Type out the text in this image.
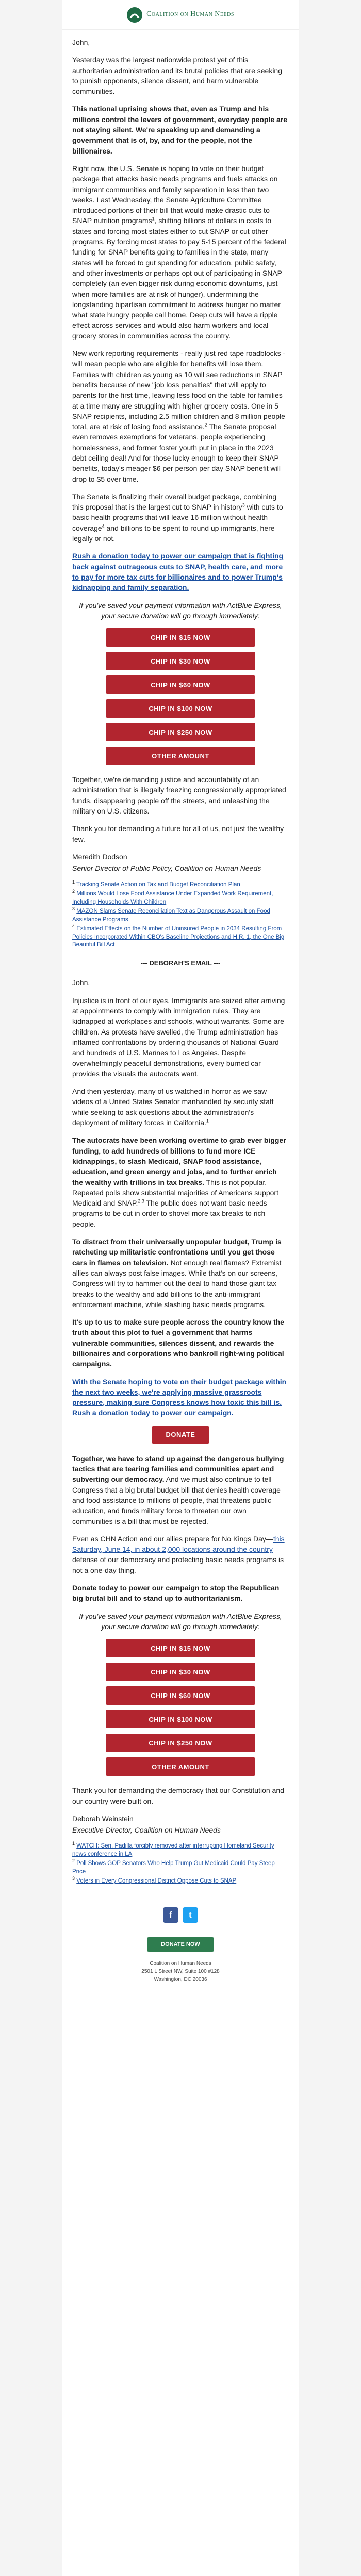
Coalition on Human Needs

John,

Yesterday was the largest nationwide protest yet of this authoritarian administration and its brutal policies that are seeking to punish opponents, silence dissent, and harm vulnerable communities.

This national uprising shows that, even as Trump and his millions control the levers of government, everyday people are not staying silent. We're speaking up and demanding a government that is of, by, and for the people, not the billionaires.

Right now, the U.S. Senate is hoping to vote on their budget package that attacks basic needs programs and fuels attacks on immigrant communities and family separation in less than two weeks. Last Wednesday, the Senate Agriculture Committee introduced portions of their bill that would make drastic cuts to SNAP nutrition programs$^1$, shifting billions of dollars in costs to states and forcing most states either to cut SNAP or cut other programs. By forcing most states to pay 5-15 percent of the federal funding for SNAP benefits going to families in the state, many states will be forced to gut spending for education, public safety, and other investments or perhaps opt out of participating in SNAP completely (an even bigger risk during economic downturns, just when more families are at risk of hunger), undermining the longstanding bipartisan commitment to address hunger no matter what state hungry people call home. Deep cuts will have a ripple effect across services and would also harm workers and local grocery stores in communities across the country.

New work reporting requirements - really just red tape roadblocks - will mean people who are eligible for benefits will lose them. Families with children as young as 10 will see reductions in SNAP benefits because of new "job loss penalties" that will apply to parents for the first time, leaving less food on the table for families at a time many are struggling with higher grocery costs. One in 5 SNAP recipients, including 2.5 million children and 8 million people total, are at risk of losing food assistance.$^2$ The Senate proposal even removes exemptions for veterans, people experiencing homelessness, and former foster youth put in place in the 2023 debt ceiling deal! And for those lucky enough to keep their SNAP benefits, today's meager $6 per person per day SNAP benefit will drop to $5 over time.

The Senate is finalizing their overall budget package, combining this proposal that is the largest cut to SNAP in history$^3$ with cuts to basic health programs that will leave 16 million without health coverage$^4$ and billions to be spent to round up immigrants, here legally or not.

Rush a donation today to power our campaign that is fighting back against outrageous cuts to SNAP, health care, and more to pay for more tax cuts for billionaires and to power Trump's kidnapping and family separation.

If you've saved your payment information with ActBlue Express, your secure donation will go through immediately:

CHIP IN $15 NOW
CHIP IN $30 NOW
CHIP IN $60 NOW
CHIP IN $100 NOW
CHIP IN $250 NOW
OTHER AMOUNT

Together, we're demanding justice and accountability of an administration that is illegally freezing congressionally appropriated funds, disappearing people off the streets, and unleashing the military on U.S. citizens.

Thank you for demanding a future for all of us, not just the wealthy few.

Meredith Dodson

Senior Director of Public Policy, Coalition on Human Needs

$^1$ Tracking Senate Action on Tax and Budget Reconciliation Plan
$^2$ Millions Would Lose Food Assistance Under Expanded Work Requirement, Including Households With Children
$^3$ MAZON Slams Senate Reconciliation Text as Dangerous Assault on Food Assistance Programs
$^4$ Estimated Effects on the Number of Uninsured People in 2034 Resulting From Policies Incorporated Within CBO's Baseline Projections and H.R. 1, the One Big Beautiful Bill Act
--- DEBORAH'S EMAIL ---

John,

Injustice is in front of our eyes. Immigrants are seized after arriving at appointments to comply with immigration rules. They are kidnapped at workplaces and schools, without warrants. Some are children. As protests have swelled, the Trump administration has inflamed confrontations by ordering thousands of National Guard and hundreds of U.S. Marines to Los Angeles. Despite overwhelmingly peaceful demonstrations, every burned car provides the visuals the autocrats want.

And then yesterday, many of us watched in horror as we saw videos of a United States Senator manhandled by security staff while seeking to ask questions about the administration's deployment of military forces in California.$^1$

The autocrats have been working overtime to grab ever bigger funding, to add hundreds of billions to fund more ICE kidnappings, to slash Medicaid, SNAP food assistance, education, and green energy and jobs, and to further enrich the wealthy with trillions in tax breaks. This is not popular. Repeated polls show substantial majorities of Americans support Medicaid and SNAP.$^{2,3}$ The public does not want basic needs programs to be cut in order to shovel more tax breaks to rich people.

To distract from their universally unpopular budget, Trump is ratcheting up militaristic confrontations until you get those cars in flames on television. Not enough real flames? Extremist allies can always post false images. While that's on our screens, Congress will try to hammer out the deal to hand those giant tax breaks to the wealthy and add billions to the anti-immigrant enforcement machine, while slashing basic needs programs.

It's up to us to make sure people across the country know the truth about this plot to fuel a government that harms vulnerable communities, silences dissent, and rewards the billionaires and corporations who bankroll right-wing political campaigns.

With the Senate hoping to vote on their budget package within the next two weeks, we're applying massive grassroots pressure, making sure Congress knows how toxic this bill is. Rush a donation today to power our campaign.

DONATE

Together, we have to stand up against the dangerous bullying tactics that are tearing families and communities apart and subverting our democracy. And we must also continue to tell Congress that a big brutal budget bill that denies health coverage and food assistance to millions of people, that threatens public education, and funds military force to threaten our own communities is a bill that must be rejected.

Even as CHN Action and our allies prepare for No Kings Day—this Saturday, June 14, in about 2,000 locations around the country—defense of our democracy and protecting basic needs programs is not a one-day thing.

Donate today to power our campaign to stop the Republican big brutal bill and to stand up to authoritarianism.

If you've saved your payment information with ActBlue Express, your secure donation will go through immediately:

CHIP IN $15 NOW
CHIP IN $30 NOW
CHIP IN $60 NOW
CHIP IN $100 NOW
CHIP IN $250 NOW
OTHER AMOUNT

Thank you for demanding the democracy that our Constitution and our country were built on.

Deborah Weinstein

Executive Director, Coalition on Human Needs

$^1$ WATCH: Sen. Padilla forcibly removed after interrupting Homeland Security news conference in LA
$^2$ Poll Shows GOP Senators Who Help Trump Gut Medicaid Could Pay Steep Price
$^3$ Voters in Every Congressional District Oppose Cuts to SNAP
f	t
DONATE NOW

Coalition on Human Needs

2501 L Street NW, Suite 100 #128

Washington, DC 20036
